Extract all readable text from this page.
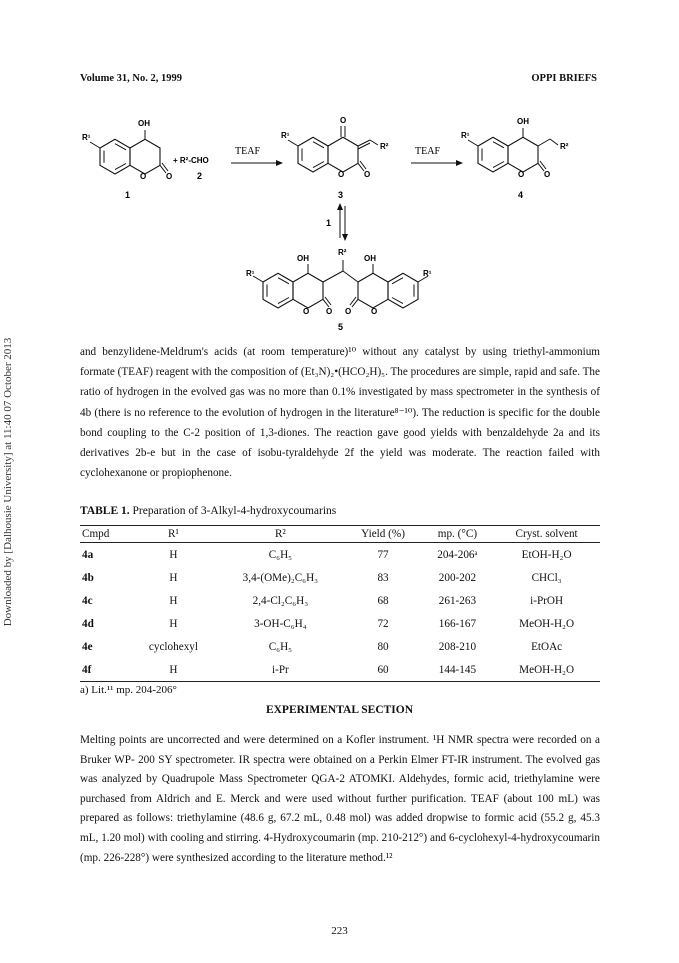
Volume 31, No. 2, 1999	OPPI BRIEFS
Downloaded by [Dalhousie University] at 11:40 07 October 2013
OH
R¹
O O
1
+ R²-CHO
2
TEAF
O
R¹
R²
O O
3
TEAF
OH
R¹
R²
O O
4
1
OH
R²
OH
R¹	R¹
O O O O
5
and benzylidene-Meldrum's acids (at room temperature)¹⁰ without any catalyst by using triethyl-ammonium formate (TEAF) reagent with the composition of (Et₃N)₂•(HCO₂H)₅. The procedures are simple, rapid and safe. The ratio of hydrogen in the evolved gas was no more than 0.1% investigated by mass spectrometer in the synthesis of 4b (there is no reference to the evolution of hydrogen in the literature⁸⁻¹⁰). The reduction is specific for the double bond coupling to the C-2 position of 1,3-diones. The reaction gave good yields with benzaldehyde 2a and its derivatives 2b-e but in the case of isobu-tyraldehyde 2f the yield was moderate. The reaction failed with cyclohexanone or propiophenone.
TABLE 1. Preparation of 3-Alkyl-4-hydroxycoumarins
Cmpd	R¹	R²	Yield (%)	mp. (°C)	Cryst. solvent
4a	H	C₆H₅	77	204-206ᵃ	EtOH-H₂O
4b	H	3,4-(OMe)₂C₆H₃	83	200-202	CHCl₃
4c	H	2,4-Cl₂C₆H₃	68	261-263	i-PrOH
4d	H	3-OH-C₆H₄	72	166-167	MeOH-H₂O
4e	cyclohexyl	C₆H₅	80	208-210	EtOAc
4f	H	i-Pr	60	144-145	MeOH-H₂O
a) Lit.¹¹ mp. 204-206°
EXPERIMENTAL SECTION
Melting points are uncorrected and were determined on a Kofler instrument. ¹H NMR spectra were recorded on a Bruker WP- 200 SY spectrometer. IR spectra were obtained on a Perkin Elmer FT-IR instrument. The evolved gas was analyzed by Quadrupole Mass Spectrometer QGA-2 ATOMKI. Aldehydes, formic acid, triethylamine were purchased from Aldrich and E. Merck and were used without further purification. TEAF (about 100 mL) was prepared as follows: triethylamine (48.6 g, 67.2 mL, 0.48 mol) was added dropwise to formic acid (55.2 g, 45.3 mL, 1.20 mol) with cooling and stirring. 4-Hydroxycoumarin (mp. 210-212°) and 6-cyclohexyl-4-hydroxycoumarin (mp. 226-228°) were synthesized according to the literature method.¹²
223
